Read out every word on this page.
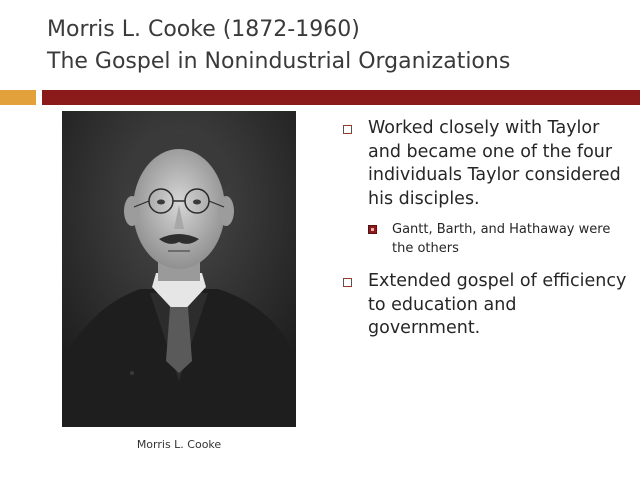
Morris L. Cooke (1872-1960)
The Gospel in Nonindustrial Organizations
Morris L. Cooke
Worked closely with Taylor and became one of the four individuals Taylor considered his disciples.
Gantt, Barth, and Hathaway were the others
Extended gospel of efficiency to education and government.
